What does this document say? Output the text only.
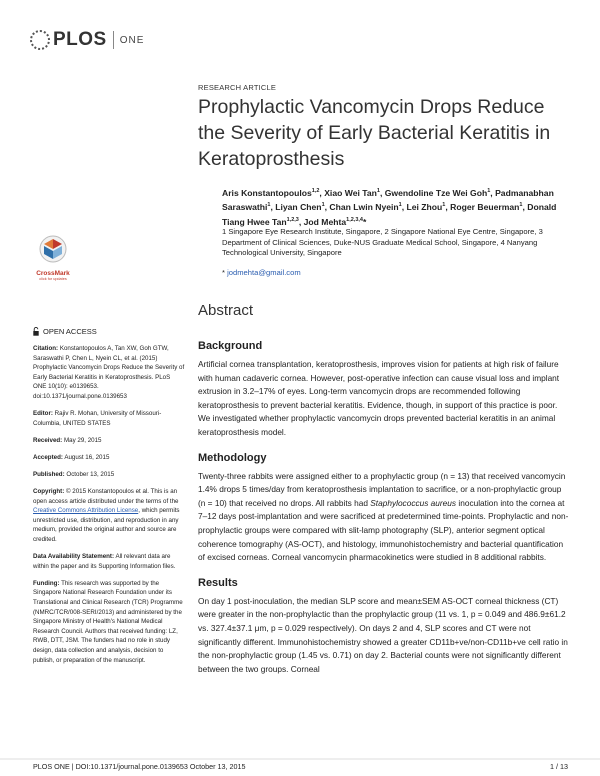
PLOS ONE
RESEARCH ARTICLE
Prophylactic Vancomycin Drops Reduce the Severity of Early Bacterial Keratitis in Keratoprosthesis
Aris Konstantopoulos$^{1,2}$, Xiao Wei Tan$^1$, Gwendoline Tze Wei Goh$^1$, Padmanabhan Saraswathi$^1$, Liyan Chen$^1$, Chan Lwin Nyein$^1$, Lei Zhou$^1$, Roger Beuerman$^1$, Donald Tiang Hwee Tan$^{1,2,3}$, Jod Mehta$^{1,2,3,4}$*
1 Singapore Eye Research Institute, Singapore, 2 Singapore National Eye Centre, Singapore, 3 Department of Clinical Sciences, Duke-NUS Graduate Medical School, Singapore, 4 Nanyang Technological University, Singapore
* jodmehta@gmail.com
CrossMark
click for updates
OPEN ACCESS

Citation: Konstantopoulos A, Tan XW, Goh GTW, Saraswathi P, Chen L, Nyein CL, et al. (2015) Prophylactic Vancomycin Drops Reduce the Severity of Early Bacterial Keratitis in Keratoprosthesis. PLoS ONE 10(10): e0139653. doi:10.1371/journal.pone.0139653

Editor: Rajiv R. Mohan, University of Missouri-Columbia, UNITED STATES

Received: May 29, 2015

Accepted: August 16, 2015

Published: October 13, 2015

Copyright: © 2015 Konstantopoulos et al. This is an open access article distributed under the terms of the Creative Commons Attribution License, which permits unrestricted use, distribution, and reproduction in any medium, provided the original author and source are credited.

Data Availability Statement: All relevant data are within the paper and its Supporting Information files.

Funding: This research was supported by the Singapore National Research Foundation under its Translational and Clinical Research (TCR) Programme (NMRC/TCR/008-SERI/2013) and administered by the Singapore Ministry of Health's National Medical Research Council. Authors that received funding: LZ, RWB, DTT, JSM. The funders had no role in study design, data collection and analysis, decision to publish, or preparation of the manuscript.

Abstract
Background

Artificial cornea transplantation, keratoprosthesis, improves vision for patients at high risk of failure with human cadaveric cornea. However, post-operative infection can cause visual loss and implant extrusion in 3.2–17% of eyes. Long-term vancomycin drops are recommended following keratoprosthesis to prevent bacterial keratitis. Evidence, though, in support of this practice is poor. We investigated whether prophylactic vancomycin drops prevented bacterial keratitis in an animal keratoprosthesis model.

Methodology

Twenty-three rabbits were assigned either to a prophylactic group (n = 13) that received vancomycin 1.4% drops 5 times/day from keratoprosthesis implantation to sacrifice, or a non-prophylactic group (n = 10) that received no drops. All rabbits had Staphylococcus aureus inoculation into the cornea at 7–12 days post-implantation and were sacrificed at predetermined time-points. Prophylactic and non-prophylactic groups were compared with slit-lamp photography (SLP), anterior segment optical coherence tomography (AS-OCT), and histology, immunohistochemistry and bacterial quantification of excised corneas. Corneal vancomycin pharmacokinetics were studied in 8 additional rabbits.

Results

On day 1 post-inoculation, the median SLP score and mean±SEM AS-OCT corneal thickness (CT) were greater in the non-prophylactic than the prophylactic group (11 vs. 1, p = 0.049 and 486.9±61.2 vs. 327.4±37.1 μm, p = 0.029 respectively). On days 2 and 4, SLP scores and CT were not significantly different. Immunohistochemistry showed a greater CD11b+ve/non-CD11b+ve cell ratio in the non-prophylactic group (1.45 vs. 0.71) on day 2. Bacterial counts were not significantly different between the two groups. Corneal

PLOS ONE | DOI:10.1371/journal.pone.0139653 October 13, 2015	1 / 13
